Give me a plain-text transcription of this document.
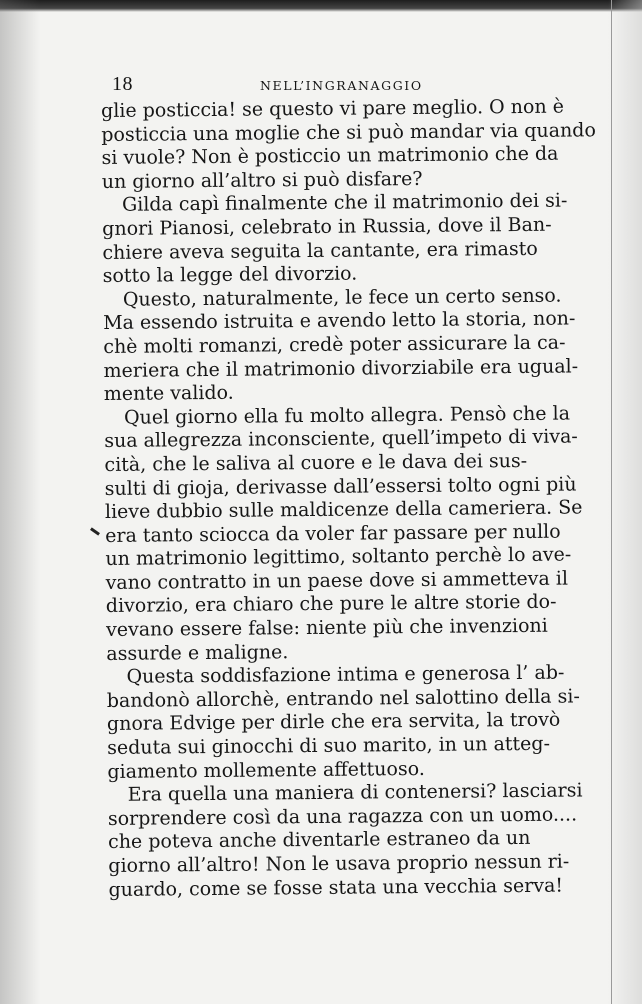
18	NELL’INGRANAGGIO
glie posticcia! se questo vi pare meglio. O non è
posticcia una moglie che si può mandar via quando
si vuole? Non è posticcio un matrimonio che da
un giorno all’altro si può disfare?
Gilda capì finalmente che il matrimonio dei si-
gnori Pianosi, celebrato in Russia, dove il Ban-
chiere aveva seguita la cantante, era rimasto
sotto la legge del divorzio.
Questo, naturalmente, le fece un certo senso.
Ma essendo istruita e avendo letto la storia, non-
chè molti romanzi, credè poter assicurare la ca-
meriera che il matrimonio divorziabile era ugual-
mente valido.
Quel giorno ella fu molto allegra. Pensò che la
sua allegrezza inconsciente, quell’impeto di viva-
cità, che le saliva al cuore e le dava dei sus-
sulti di gioja, derivasse dall’essersi tolto ogni più
lieve dubbio sulle maldicenze della cameriera. Se
era tanto sciocca da voler far passare per nullo
un matrimonio legittimo, soltanto perchè lo ave-
vano contratto in un paese dove si ammetteva il
divorzio, era chiaro che pure le altre storie do-
vevano essere false: niente più che invenzioni
assurde e maligne.
Questa soddisfazione intima e generosa l’ ab-
bandonò allorchè, entrando nel salottino della si-
gnora Edvige per dirle che era servita, la trovò
seduta sui ginocchi di suo marito, in un atteg-
giamento mollemente affettuoso.
Era quella una maniera di contenersi? lasciarsi
sorprendere così da una ragazza con un uomo....
che poteva anche diventarle estraneo da un
giorno all’altro! Non le usava proprio nessun ri-
guardo, come se fosse stata una vecchia serva!
